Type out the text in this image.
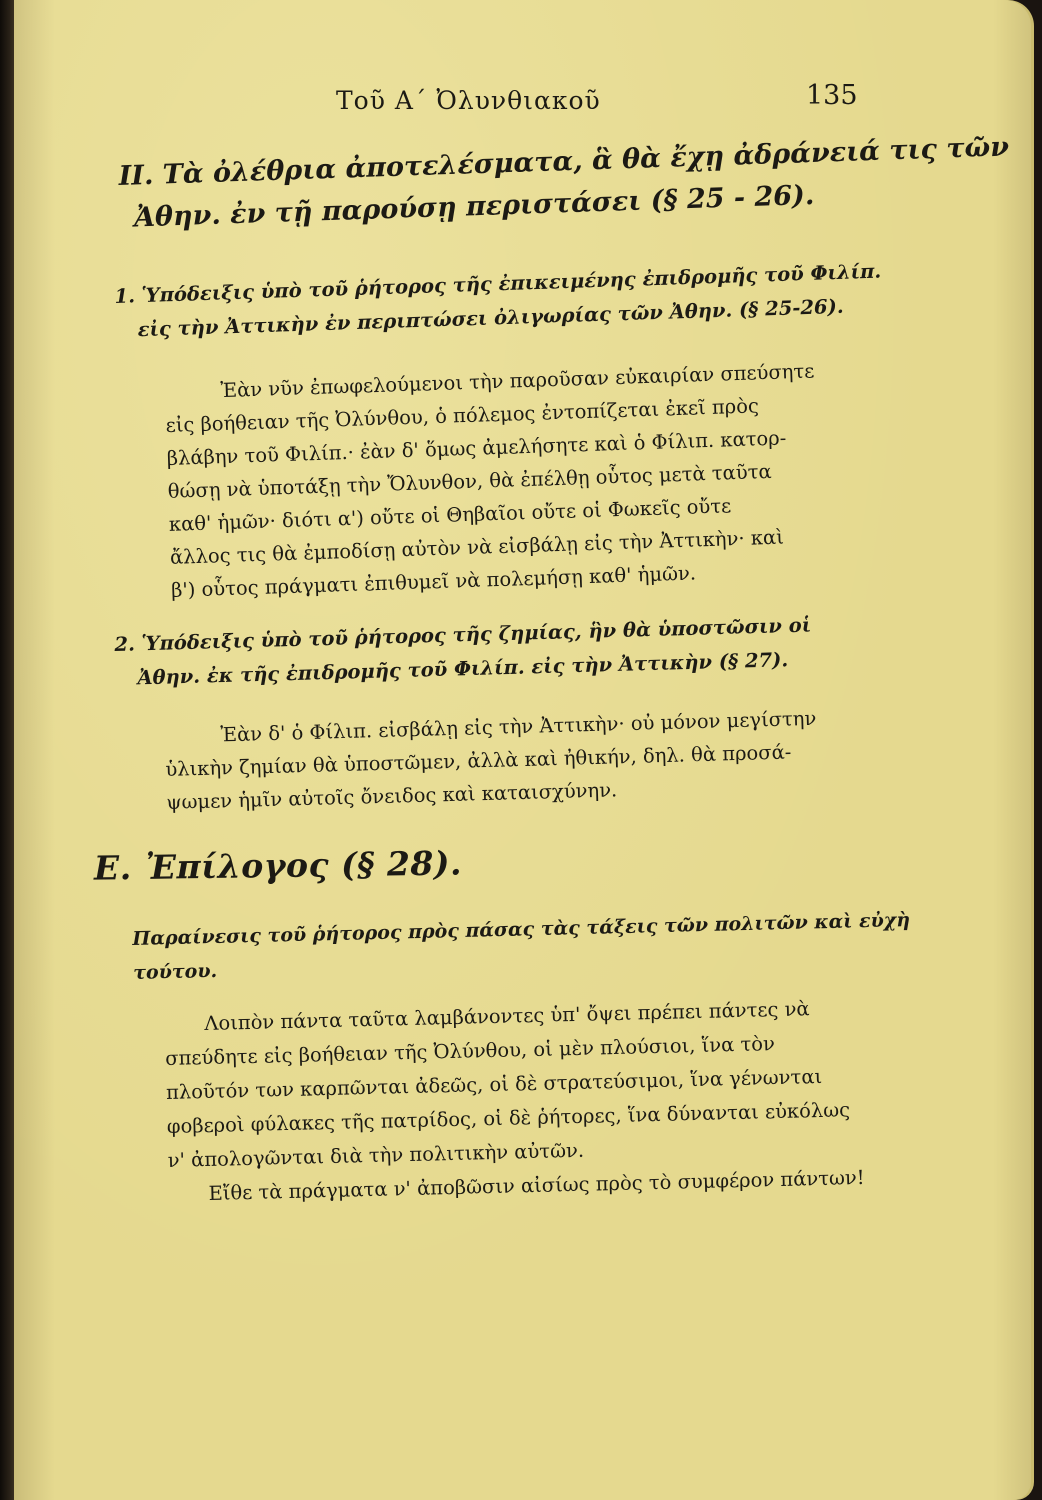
Τοῦ Α΄ Ὀλυνθιακοῦ	135
ΙΙ. Τὰ ὀλέθρια ἀποτελέσματα, ἃ θὰ ἔχῃ ἀδράνειά τις τῶν
Ἀθην. ἐν τῇ παρούσῃ περιστάσει (§ 25 - 26).
1. Ὑπόδειξις ὑπὸ τοῦ ῥήτορος τῆς ἐπικειμένης ἐπιδρομῆς τοῦ Φιλίπ.
εἰς τὴν Ἀττικὴν ἐν περιπτώσει ὀλιγωρίας τῶν Ἀθην. (§ 25-26).
Ἐὰν νῦν ἐπωφελούμενοι τὴν παροῦσαν εὐκαιρίαν σπεύσητε
εἰς βοήθειαν τῆς Ὀλύνθου, ὁ πόλεμος ἐντοπίζεται ἐκεῖ πρὸς
βλάβην τοῦ Φιλίπ.· ἐὰν δ' ὅμως ἀμελήσητε καὶ ὁ Φίλιπ. κατορ-
θώσῃ νὰ ὑποτάξῃ τὴν Ὄλυνθον, θὰ ἐπέλθῃ οὗτος μετὰ ταῦτα
καθ' ἡμῶν· διότι α') οὔτε οἱ Θηβαῖοι οὔτε οἱ Φωκεῖς οὔτε
ἄλλος τις θὰ ἐμποδίσῃ αὐτὸν νὰ εἰσβάλῃ εἰς τὴν Ἀττικὴν· καὶ
β') οὗτος πράγματι ἐπιθυμεῖ νὰ πολεμήσῃ καθ' ἡμῶν.
2. Ὑπόδειξις ὑπὸ τοῦ ῥήτορος τῆς ζημίας, ἣν θὰ ὑποστῶσιν οἱ
Ἀθην. ἐκ τῆς ἐπιδρομῆς τοῦ Φιλίπ. εἰς τὴν Ἀττικὴν (§ 27).
Ἐὰν δ' ὁ Φίλιπ. εἰσβάλῃ εἰς τὴν Ἀττικὴν· οὐ μόνον μεγίστην
ὑλικὴν ζημίαν θὰ ὑποστῶμεν, ἀλλὰ καὶ ἠθικήν, δηλ. θὰ προσά-
ψωμεν ἡμῖν αὐτοῖς ὄνειδος καὶ καταισχύνην.
Ε. Ἐπίλογος (§ 28).
Παραίνεσις τοῦ ῥήτορος πρὸς πάσας τὰς τάξεις τῶν πολιτῶν καὶ εὐχὴ
τούτου.
Λοιπὸν πάντα ταῦτα λαμβάνοντες ὑπ' ὄψει πρέπει πάντες νὰ
σπεύδητε εἰς βοήθειαν τῆς Ὀλύνθου, οἱ μὲν πλούσιοι, ἵνα τὸν
πλοῦτόν των καρπῶνται ἀδεῶς, οἱ δὲ στρατεύσιμοι, ἵνα γένωνται
φοβεροὶ φύλακες τῆς πατρίδος, οἱ δὲ ῥήτορες, ἵνα δύνανται εὐκόλως
ν' ἀπολογῶνται διὰ τὴν πολιτικὴν αὐτῶν.
Εἴθε τὰ πράγματα ν' ἀποβῶσιν αἰσίως πρὸς τὸ συμφέρον πάντων!
